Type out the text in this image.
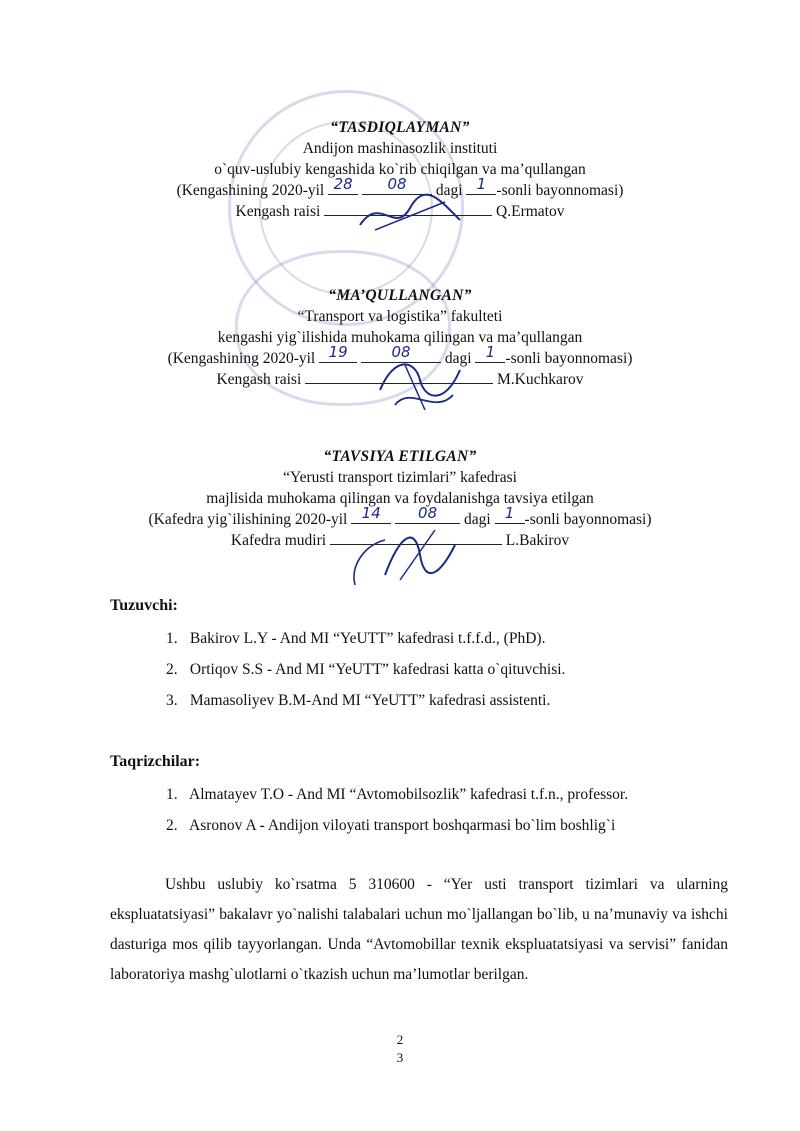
“TASDIQLAYMAN”
Andijon mashinasozlik instituti
o`quv-uslubiy kengashida ko`rib chiqilgan va ma’qullangan
(Kengashining 2020-yil 28
08 dagi 1 -sonli bayonnomasi)
Kengash raisi	Q.Ermatov
“MA’QULLANGAN”
“Transport va logistika” fakulteti
kengashi yig`ilishida muhokama qilingan va ma’qullangan
(Kengashining 2020-yil 19
	08 dagi 1 -sonli bayonnomasi)
Kengash raisi	M.Kuchkarov
“TAVSIYA ETILGAN”
“Yerusti transport tizimlari” kafedrasi
majlisida muhokama qilingan va foydalanishga tavsiya etilgan
(Kafedra yig`ilishining 2020-yil 14
08 dagi 1 -sonli bayonnomasi)
Kafedra mudiri	L.Bakirov
Tuzuvchi:
1. Bakirov L.Y - And MI “YeUTT” kafedrasi t.f.f.d., (PhD).
2. Ortiqov S.S - And MI “YeUTT” kafedrasi katta o`qituvchisi.
3. Mamasoliyev B.M-And MI “YeUTT” kafedrasi assistenti.
Taqrizchilar:
1. Almatayev T.O - And MI “Avtomobilsozlik” kafedrasi t.f.n., professor.
2. Asronov A - Andijon viloyati transport boshqarmasi bo`lim boshlig`i
Ushbu uslubiy ko`rsatma 5 310600 - “Yer usti transport tizimlari va ularning ekspluatatsiyasi” bakalavr yo`nalishi talabalari uchun mo`ljallangan bo`lib, u na’munaviy va ishchi dasturiga mos qilib tayyorlangan. Unda “Avtomobillar texnik ekspluatatsiyasi va servisi” fanidan laboratoriya mashg`ulotlarni o`tkazish uchun ma’lumotlar berilgan.
2
3
